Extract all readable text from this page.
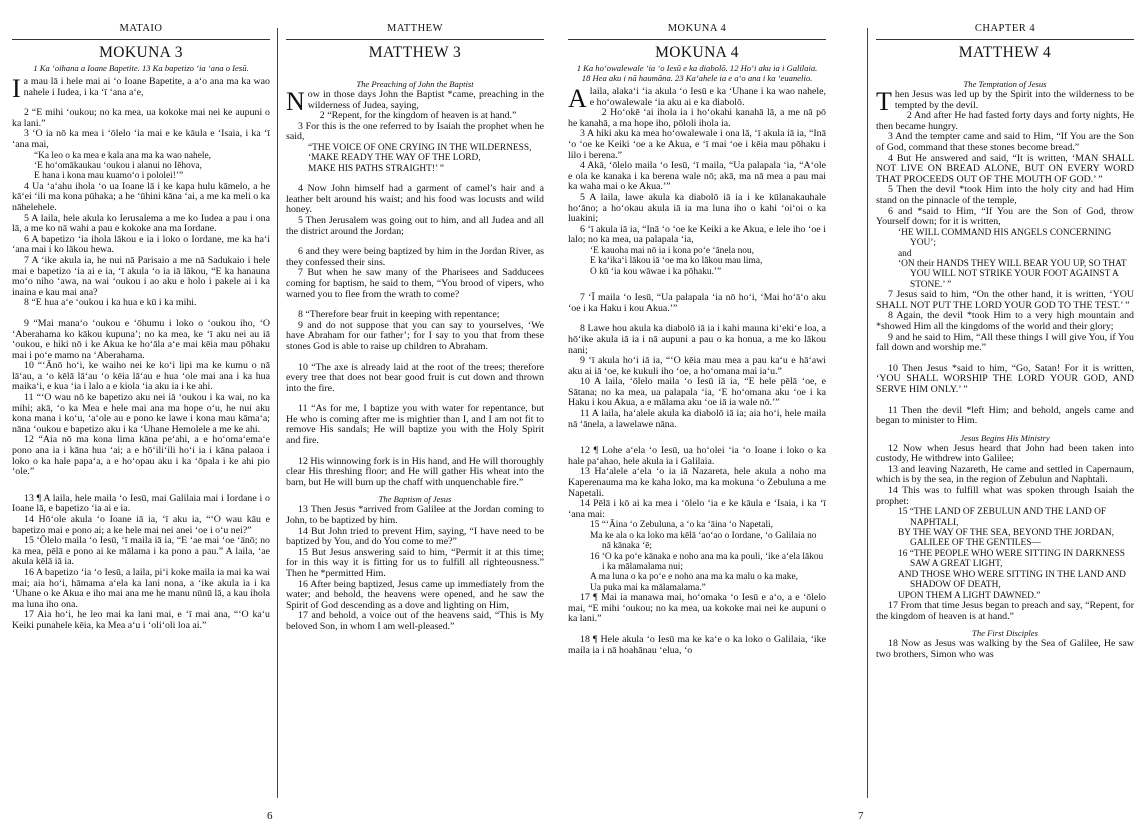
MATAIO
MOKUNA 3
1 Ka ʻoihana a Ioane Bapetite. 13 Ka bapetizo ʻia ʻana o Iesū.

Ia mau lā i hele mai ai ʻo Ioane Bapetite, a aʻo ana ma ka wao nahele i Iudea, i ka ʻī ʻana aʻe,

2 “E mihi ʻoukou; no ka mea, ua kokoke mai nei ke aupuni o ka lani.”

3 ʻO ia nō ka mea i ʻōlelo ʻia mai e ke kāula e ʻIsaia, i ka ʻī ʻana mai,

“Ka leo o ka mea e kala ana ma ka wao nahele,

ʻE hoʻomākaukau ʻoukou i alanui no Iēhova,

E hana i kona mau kuamoʻo i pololei!’”

4 Ua ʻaʻahu ihola ʻo ua Ioane lā i ke kapa hulu kāmelo, a he kāʻei ʻili ma kona pūhaka; a he ʻūhini kāna ʻai, a me ka meli o ka nāhelehele.

5 A laila, hele akula ko Ierusalema a me ko Iudea a pau i ona lā, a me ko nā wahi a pau e kokoke ana ma Iordane.

6 A bapetizo ʻia ihola lākou e ia i loko o Iordane, me ka haʻi ʻana mai i ko lākou hewa.

7 A ʻike akula ia, he nui nā Parisaio a me nā Sadukaio i hele mai e bapetizo ʻia ai e ia, ʻī akula ʻo ia iā lākou, “E ka hanauna moʻo niho ʻawa, na wai ʻoukou i ao aku e holo i pakele ai i ka inaina e kau mai ana?

8 “E hua aʻe ʻoukou i ka hua e kū i ka mihi.

9 “Mai manaʻo ʻoukou e ʻōhumu i loko o ʻoukou iho, ʻO ʻAberahama ko kākou kupuna’; no ka mea, ke ʻī aku nei au iā ʻoukou, e hiki nō i ke Akua ke hoʻāla aʻe mai kēia mau pōhaku mai i poʻe mamo na ʻAberahama.

10 “ʻĀnō hoʻi, ke waiho nei ke koʻi lipi ma ke kumu o nā lāʻau, a ʻo kēlā lāʻau ʻo kēia lāʻau e hua ʻole mai ana i ka hua maikaʻi, e kua ʻia i lalo a e kiola ʻia aku ia i ke ahi.

11 “ʻO wau nō ke bapetizo aku nei iā ʻoukou i ka wai, no ka mihi; akā, ʻo ka Mea e hele mai ana ma hope oʻu, he nui aku kona mana i koʻu, ʻaʻole au e pono ke lawe i kona mau kāmaʻa; nāna ʻoukou e bapetizo aku i ka ʻUhane Hemolele a me ke ahi.

12 “Aia nō ma kona lima kāna peʻahi, a e hoʻomaʻemaʻe pono ana ia i kāna hua ʻai; a e hōʻiliʻili hoʻi ia i kāna palaoa i loko o ka hale papaʻa, a e hoʻopau aku i ka ʻōpala i ke ahi pio ʻole.”

13 ¶ A laila, hele maila ʻo Iesū, mai Galilaia mai i Iordane i o Ioane lā, e bapetizo ʻia ai e ia.

14 Hōʻole akula ʻo Ioane iā ia, ʻī aku ia, “ʻO wau kāu e bapetizo mai e pono ai; a ke hele mai nei anei ʻoe i oʻu nei?”

15 ʻŌlelo maila ʻo Iesū, ʻī maila iā ia, “E ʻae mai ʻoe ʻānō; no ka mea, pēlā e pono ai ke mālama i ka pono a pau.” A laila, ʻae akula kēlā iā ia.

16 A bapetizo ʻia ʻo Iesū, a laila, piʻi koke maila ia mai ka wai mai; aia hoʻi, hāmama aʻela ka lani nona, a ʻike akula ia i ka ʻUhane o ke Akua e iho mai ana me he manu nūnū lā, a kau ihola ma luna iho ona.

17 Aia hoʻi, he leo mai ka lani mai, e ʻī mai ana, “ʻO kaʻu Keiki punahele kēia, ka Mea aʻu i ʻoliʻoli loa ai.”

MATTHEW
MATTHEW 3
The Preaching of John the Baptist

Now in those days John the Baptist *came, preaching in the wilderness of Judea, saying,

2 “Repent, for the kingdom of heaven is at hand.”

3 For this is the one referred to by Isaiah the prophet when he said,

“THE VOICE OF ONE CRYING IN THE WILDERNESS,

‘MAKE READY THE WAY OF THE LORD,

MAKE HIS PATHS STRAIGHT!’ ”

4 Now John himself had a garment of camel’s hair and a leather belt around his waist; and his food was locusts and wild honey.

5 Then Jerusalem was going out to him, and all Judea and all the district around the Jordan;

6 and they were being baptized by him in the Jordan River, as they confessed their sins.

7 But when he saw many of the Pharisees and Sadducees coming for baptism, he said to them, “You brood of vipers, who warned you to flee from the wrath to come?

8 “Therefore bear fruit in keeping with repentance;

9 and do not suppose that you can say to yourselves, ‘We have Abraham for our father’; for I say to you that from these stones God is able to raise up children to Abraham.

10 “The axe is already laid at the root of the trees; therefore every tree that does not bear good fruit is cut down and thrown into the fire.

11 “As for me, I baptize you with water for repentance, but He who is coming after me is mightier than I, and I am not fit to remove His sandals; He will baptize you with the Holy Spirit and fire.

12 His winnowing fork is in His hand, and He will thoroughly clear His threshing floor; and He will gather His wheat into the barn, but He will burn up the chaff with unquenchable fire.”

The Baptism of Jesus

13 Then Jesus *arrived from Galilee at the Jordan coming to John, to be baptized by him.

14 But John tried to prevent Him, saying, “I have need to be baptized by You, and do You come to me?”

15 But Jesus answering said to him, “Permit it at this time; for in this way it is fitting for us to fulfill all righteousness.” Then he *permitted Him.

16 After being baptized, Jesus came up immediately from the water; and behold, the heavens were opened, and he saw the Spirit of God descending as a dove and lighting on Him,

17 and behold, a voice out of the heavens said, “This is My beloved Son, in whom I am well-pleased.”

6
MOKUNA 4
MOKUNA 4
1 Ka hoʻowalewale ʻia ʻo Iesū e ka diabolō. 12 Hoʻi aku ia i Galilaia. 18 Hea aku i nā haumāna. 23 Kaʻahele ia e aʻo ana i ka ʻeuanelio.

Alaila, alakaʻi ʻia akula ʻo Iesū e ka ʻUhane i ka wao nahele, e hoʻowalewale ʻia aku ai e ka diabolō.

2 Hoʻokē ʻai ihola ia i hoʻokahi kanahā lā, a me nā pō he kanahā, a ma hope iho, pōloli ihola ia.

3 A hiki aku ka mea hoʻowalewale i ona lā, ʻī akula iā ia, “Inā ʻo ʻoe ke Keiki ʻoe a ke Akua, e ʻī mai ʻoe i kēia mau pōhaku i lilo i berena.”

4 Akā, ʻōlelo maila ʻo Iesū, ʻī maila, “Ua palapala ʻia, “Aʻole e ola ke kanaka i ka berena wale nō; akā, ma nā mea a pau mai ka waha mai o ke Akua.’”

5 A laila, lawe akula ka diabolō iā ia i ke kūlanakauhale hoʻāno; a hoʻokau akula iā ia ma luna iho o kahi ʻoiʻoi o ka luakini;

6 ʻī akula iā ia, “Inā ʻo ʻoe ke Keiki a ke Akua, e lele iho ʻoe i lalo; no ka mea, ua palapala ʻia,

‘E kauoha mai nō ia i kona poʻe ʻānela nou,

E kaʻikaʻi lākou iā ʻoe ma ko lākou mau lima,

O kū ʻia kou wāwae i ka pōhaku.’”

7 ʻĪ maila ʻo Iesū, “Ua palapala ʻia nō hoʻi, ‘Mai hoʻāʻo aku ʻoe i ka Haku i kou Akua.’”

8 Lawe hou akula ka diabolō iā ia i kahi mauna kiʻekiʻe loa, a hōʻike akula iā ia i nā aupuni a pau o ka honua, a me ko lākou nani;

9 ʻī akula hoʻi iā ia, “ʻO kēia mau mea a pau kaʻu e hāʻawi aku ai iā ʻoe, ke kukuli iho ʻoe, a hoʻomana mai iaʻu.”

10 A laila, ʻōlelo maila ʻo Iesū iā ia, “E hele pēlā ʻoe, e Sātana; no ka mea, ua palapala ʻia, ‘E hoʻomana aku ʻoe i ka Haku i kou Akua, a e mālama aku ʻoe iā ia wale nō.’”

11 A laila, haʻalele akula ka diabolō iā ia; aia hoʻi, hele maila nā ʻānela, a lawelawe nāna.

12 ¶ Lohe aʻela ʻo Iesū, ua hoʻolei ʻia ʻo Ioane i loko o ka hale paʻahao, hele akula ia i Galilaia.

13 Haʻalele aʻela ʻo ia iā Nazareta, hele akula a noho ma Kaperenauma ma ke kaha loko, ma ka mokuna ʻo Zebuluna a me Napetali.

14 Pēlā i kō ai ka mea i ʻōlelo ʻia e ke kāula e ʻIsaia, i ka ʻī ʻana mai:

15 “ʻĀina ʻo Zebuluna, a ʻo ka ʻāina ʻo Napetali,

Ma ke ala o ka loko ma kēlā ʻaoʻao o Iordane, ʻo Galilaia no nā kānaka ʻē;

16 ʻO ka poʻe kānaka e noho ana ma ka pouli, ʻike aʻela lākou i ka mālamalama nui;

A ma luna o ka poʻe e noho ana ma ka malu o ka make,

Ua puka mai ka mālamalama.”

17 ¶ Mai ia manawa mai, hoʻomaka ʻo Iesū e aʻo, a e ʻōlelo mai, “E mihi ʻoukou; no ka mea, ua kokoke mai nei ke aupuni o ka lani.”

18 ¶ Hele akula ʻo Iesū ma ke kaʻe o ka loko o Galilaia, ʻike maila ia i nā hoahānau ʻelua, ʻo

CHAPTER 4
MATTHEW 4
The Temptation of Jesus

Then Jesus was led up by the Spirit into the wilderness to be tempted by the devil.

2 And after He had fasted forty days and forty nights, He then became hungry.

3 And the tempter came and said to Him, “If You are the Son of God, command that these stones become bread.”

4 But He answered and said, “It is written, ‘MAN SHALL NOT LIVE ON BREAD ALONE, BUT ON EVERY WORD THAT PROCEEDS OUT OF THE MOUTH OF GOD.’ ”

5 Then the devil *took Him into the holy city and had Him stand on the pinnacle of the temple,

6 and *said to Him, “If You are the Son of God, throw Yourself down; for it is written,

‘HE WILL COMMAND HIS ANGELS CONCERNING YOU’;

and

‘ON their HANDS THEY WILL BEAR YOU UP, SO THAT YOU WILL NOT STRIKE YOUR FOOT AGAINST A STONE.’ ”

7 Jesus said to him, “On the other hand, it is written, ‘YOU SHALL NOT PUT THE LORD YOUR GOD TO THE TEST.’ ”

8 Again, the devil *took Him to a very high mountain and *showed Him all the kingdoms of the world and their glory;

9 and he said to Him, “All these things I will give You, if You fall down and worship me.”

10 Then Jesus *said to him, “Go, Satan! For it is written, ‘YOU SHALL WORSHIP THE LORD YOUR GOD, AND SERVE HIM ONLY.’ ”

11 Then the devil *left Him; and behold, angels came and began to minister to Him.

Jesus Begins His Ministry

12 Now when Jesus heard that John had been taken into custody, He withdrew into Galilee;

13 and leaving Nazareth, He came and settled in Capernaum, which is by the sea, in the region of Zebulun and Naphtali.

14 This was to fulfill what was spoken through Isaiah the prophet:

15 “THE LAND OF ZEBULUN AND THE LAND OF NAPHTALI,

BY THE WAY OF THE SEA, BEYOND THE JORDAN, GALILEE OF THE GENTILES—

16 “THE PEOPLE WHO WERE SITTING IN DARKNESS SAW A GREAT LIGHT,

AND THOSE WHO WERE SITTING IN THE LAND AND SHADOW OF DEATH,

UPON THEM A LIGHT DAWNED.”

17 From that time Jesus began to preach and say, “Repent, for the kingdom of heaven is at hand.”

The First Disciples

18 Now as Jesus was walking by the Sea of Galilee, He saw two brothers, Simon who was

7
